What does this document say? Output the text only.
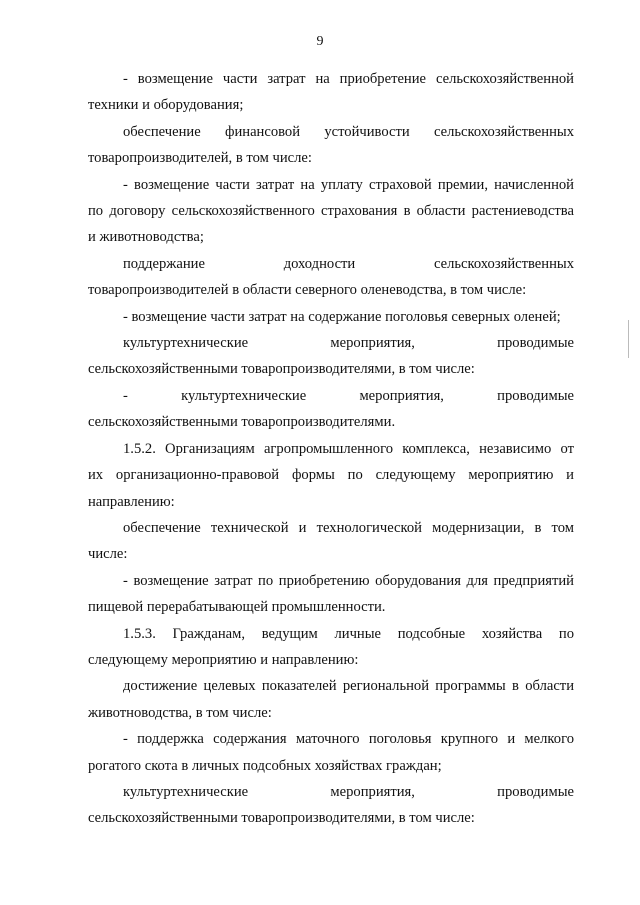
9
- возмещение части затрат на приобретение сельскохозяйственной
техники и оборудования;
обеспечение финансовой устойчивости сельскохозяйственных
товаропроизводителей, в том числе:
- возмещение части затрат на уплату страховой премии, начисленной
по договору сельскохозяйственного страхования в области растениеводства
и животноводства;
поддержание доходности сельскохозяйственных
товаропроизводителей в области северного оленеводства, в том числе:
- возмещение части затрат на содержание поголовья северных оленей;
культуртехнические мероприятия, проводимые
сельскохозяйственными товаропроизводителями, в том числе:
- культуртехнические мероприятия, проводимые
сельскохозяйственными товаропроизводителями.
1.5.2. Организациям агропромышленного комплекса, независимо от
их организационно-правовой формы по следующему мероприятию и
направлению:
обеспечение технической и технологической модернизации, в том
числе:
- возмещение затрат по приобретению оборудования для предприятий
пищевой перерабатывающей промышленности.
1.5.3. Гражданам, ведущим личные подсобные хозяйства по
следующему мероприятию и направлению:
достижение целевых показателей региональной программы в области
животноводства, в том числе:
- поддержка содержания маточного поголовья крупного и мелкого
рогатого скота в личных подсобных хозяйствах граждан;
культуртехнические мероприятия, проводимые
сельскохозяйственными товаропроизводителями, в том числе:
